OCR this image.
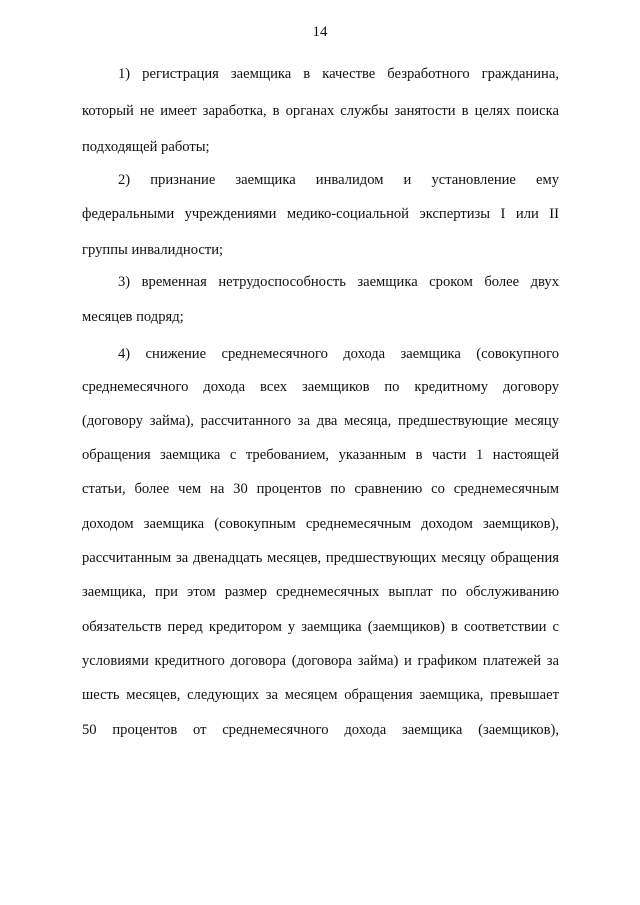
14
1) регистрация заемщика в качестве безработного гражданина,
который не имеет заработка, в органах службы занятости в целях поиска
подходящей работы;
2) признание заемщика инвалидом и установление ему
федеральными учреждениями медико-социальной экспертизы I или II
группы инвалидности;
3) временная нетрудоспособность заемщика сроком более двух
месяцев подряд;
4) снижение среднемесячного дохода заемщика (совокупного
среднемесячного дохода всех заемщиков по кредитному договору
(договору займа), рассчитанного за два месяца, предшествующие месяцу
обращения заемщика с требованием, указанным в части 1 настоящей
статьи, более чем на 30 процентов по сравнению со среднемесячным
доходом заемщика (совокупным среднемесячным доходом заемщиков),
рассчитанным за двенадцать месяцев, предшествующих месяцу обращения
заемщика, при этом размер среднемесячных выплат по обслуживанию
обязательств перед кредитором у заемщика (заемщиков) в соответствии с
условиями кредитного договора (договора займа) и графиком платежей за
шесть месяцев, следующих за месяцем обращения заемщика, превышает
50 процентов от среднемесячного дохода заемщика (заемщиков),
